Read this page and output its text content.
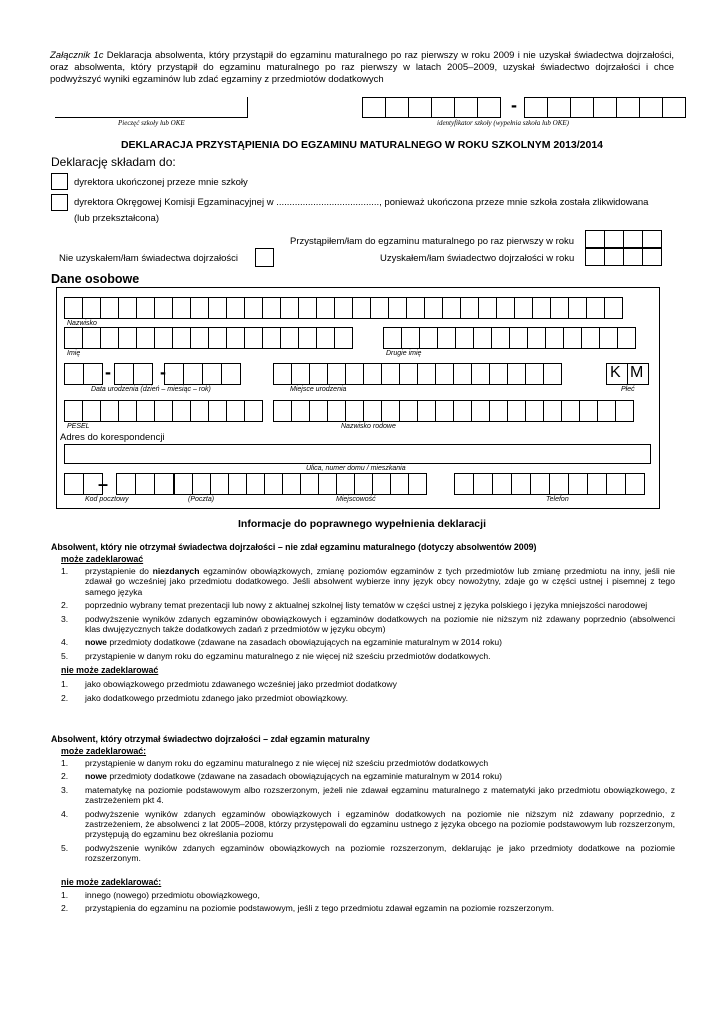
Załącznik 1c Deklaracja absolwenta, który przystąpił do egzaminu maturalnego po raz pierwszy w roku 2009 i nie uzyskał świadectwa dojrzałości, oraz absolwenta, który przystąpił do egzaminu maturalnego po raz pierwszy w latach 2005–2009, uzyskał świadectwo dojrzałości i chce podwyższyć wyniki egzaminów lub zdać egzaminy z przedmiotów dodatkowych
Pieczęć szkoły lub OKE
-
identyfikator szkoły (wypełnia szkoła lub OKE)
DEKLARACJA PRZYSTĄPIENIA DO EGZAMINU MATURALNEGO W ROKU SZKOLNYM 2013/2014
Deklarację składam do:
dyrektora ukończonej przeze mnie szkoły
dyrektora Okręgowej Komisji Egzaminacyjnej w ......................................., ponieważ ukończona przeze mnie szkoła została zlikwidowana
(lub przekształcona)
Przystąpiłem/łam do egzaminu maturalnego po raz pierwszy w roku
Nie uzyskałem/łam świadectwa dojrzałości	Uzyskałem/łam świadectwo dojrzałości w roku
Dane osobowe
Nazwisko
Imię	Drugie imię
-	-	K M
Data urodzenia (dzień – miesiąc – rok)	Miejsce urodzenia	Płeć
PESEL	Nazwisko rodowe
Adres do korespondencji
Ulica, numer domu / mieszkania
–
Kod pocztowy	(Poczta)	Miejscowość	Telefon
Informacje do poprawnego wypełnienia deklaracji
Absolwent, który nie otrzymał świadectwa dojrzałości – nie zdał egzaminu maturalnego (dotyczy absolwentów 2009)
może zadeklarować
1. przystąpienie do niezdanych egzaminów obowiązkowych, zmianę poziomów egzaminów z tych przedmiotów lub zmianę przedmiotu na inny, jeśli nie zdawał go wcześniej jako przedmiotu dodatkowego. Jeśli absolwent wybierze inny język obcy nowożytny, zdaje go w części ustnej i pisemnej z tego samego języka
2. poprzednio wybrany temat prezentacji lub nowy z aktualnej szkolnej listy tematów w części ustnej z języka polskiego i języka mniejszości narodowej
3. podwyższenie wyników zdanych egzaminów obowiązkowych i egzaminów dodatkowych na poziomie nie niższym niż zdawany poprzednio (absolwenci klas dwujęzycznych także dodatkowych zadań z przedmiotów w języku obcym)
4. nowe przedmioty dodatkowe (zdawane na zasadach obowiązujących na egzaminie maturalnym w 2014 roku)
5. przystąpienie w danym roku do egzaminu maturalnego z nie więcej niż sześciu przedmiotów dodatkowych.
nie może zadeklarować
1. jako obowiązkowego przedmiotu zdawanego wcześniej jako przedmiot dodatkowy
2. jako dodatkowego przedmiotu zdanego jako przedmiot obowiązkowy.
Absolwent, który otrzymał świadectwo dojrzałości – zdał egzamin maturalny
może zadeklarować:
1. przystąpienie w danym roku do egzaminu maturalnego z nie więcej niż sześciu przedmiotów dodatkowych
2. nowe przedmioty dodatkowe (zdawane na zasadach obowiązujących na egzaminie maturalnym w 2014 roku)
3. matematykę na poziomie podstawowym albo rozszerzonym, jeżeli nie zdawał egzaminu maturalnego z matematyki jako przedmiotu obowiązkowego, z zastrzeżeniem pkt 4.
4. podwyższenie wyników zdanych egzaminów obowiązkowych i egzaminów dodatkowych na poziomie nie niższym niż zdawany poprzednio, z zastrzeżeniem, że absolwenci z lat 2005–2008, którzy przystępowali do egzaminu ustnego z języka obcego na poziomie podstawowym lub rozszerzonym, przystępują do egzaminu bez określania poziomu
5. podwyższenie wyników zdanych egzaminów obowiązkowych na poziomie rozszerzonym, deklarując je jako przedmioty dodatkowe na poziomie rozszerzonym.
nie może zadeklarować:
1. innego (nowego) przedmiotu obowiązkowego,
2. przystąpienia do egzaminu na poziomie podstawowym, jeśli z tego przedmiotu zdawał egzamin na poziomie rozszerzonym.
